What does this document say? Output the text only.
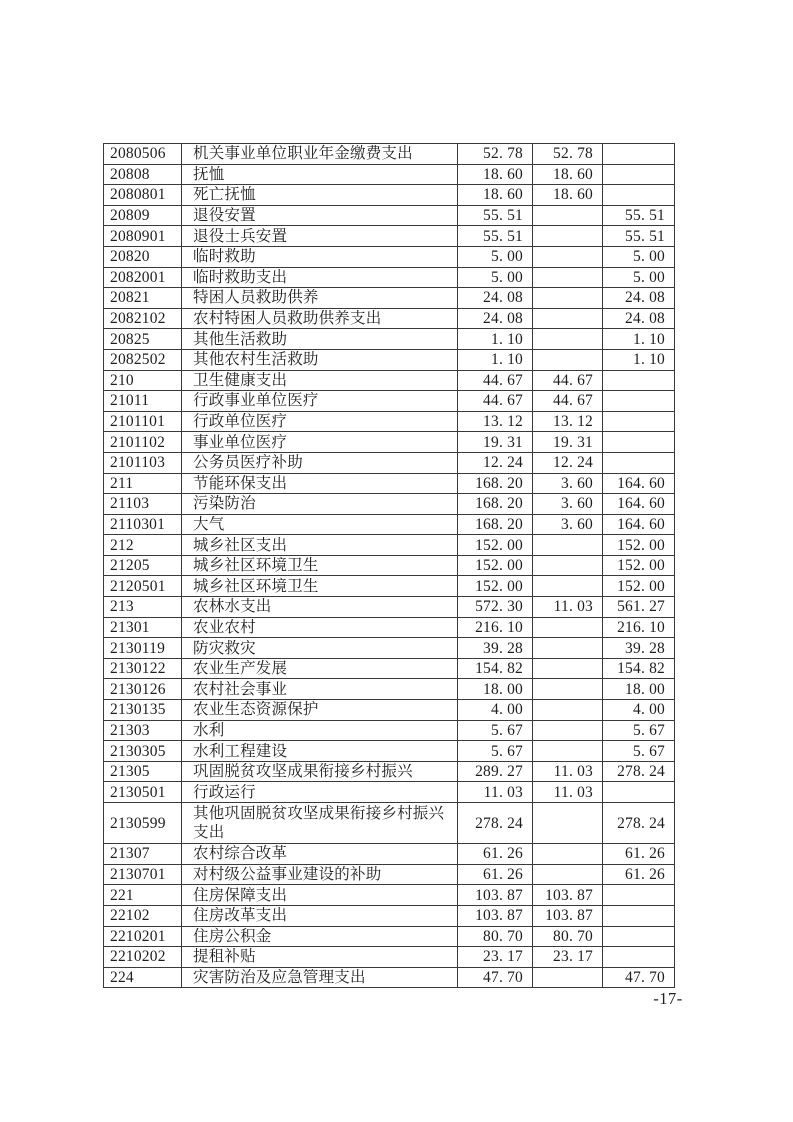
2080506	机关事业单位职业年金缴费支出	52. 78	52. 78	
20808	抚恤	18. 60	18. 60	
2080801	死亡抚恤	18. 60	18. 60	
20809	退役安置	55. 51		55. 51
2080901	退役士兵安置	55. 51		55. 51
20820	临时救助	5. 00		5. 00
2082001	临时救助支出	5. 00		5. 00
20821	特困人员救助供养	24. 08		24. 08
2082102	农村特困人员救助供养支出	24. 08		24. 08
20825	其他生活救助	1. 10		1. 10
2082502	其他农村生活救助	1. 10		1. 10
210	卫生健康支出	44. 67	44. 67	
21011	行政事业单位医疗	44. 67	44. 67	
2101101	行政单位医疗	13. 12	13. 12	
2101102	事业单位医疗	19. 31	19. 31	
2101103	公务员医疗补助	12. 24	12. 24	
211	节能环保支出	168. 20	3. 60	164. 60
21103	污染防治	168. 20	3. 60	164. 60
2110301	大气	168. 20	3. 60	164. 60
212	城乡社区支出	152. 00		152. 00
21205	城乡社区环境卫生	152. 00		152. 00
2120501	城乡社区环境卫生	152. 00		152. 00
213	农林水支出	572. 30	11. 03	561. 27
21301	农业农村	216. 10		216. 10
2130119	防灾救灾	39. 28		39. 28
2130122	农业生产发展	154. 82		154. 82
2130126	农村社会事业	18. 00		18. 00
2130135	农业生态资源保护	4. 00		4. 00
21303	水利	5. 67		5. 67
2130305	水利工程建设	5. 67		5. 67
21305	巩固脱贫攻坚成果衔接乡村振兴	289. 27	11. 03	278. 24
2130501	行政运行	11. 03	11. 03	
2130599	其他巩固脱贫攻坚成果衔接乡村振兴支出	278. 24		278. 24
21307	农村综合改革	61. 26		61. 26
2130701	对村级公益事业建设的补助	61. 26		61. 26
221	住房保障支出	103. 87	103. 87	
22102	住房改革支出	103. 87	103. 87	
2210201	住房公积金	80. 70	80. 70	
2210202	提租补贴	23. 17	23. 17	
224	灾害防治及应急管理支出	47. 70		47. 70
-17-
